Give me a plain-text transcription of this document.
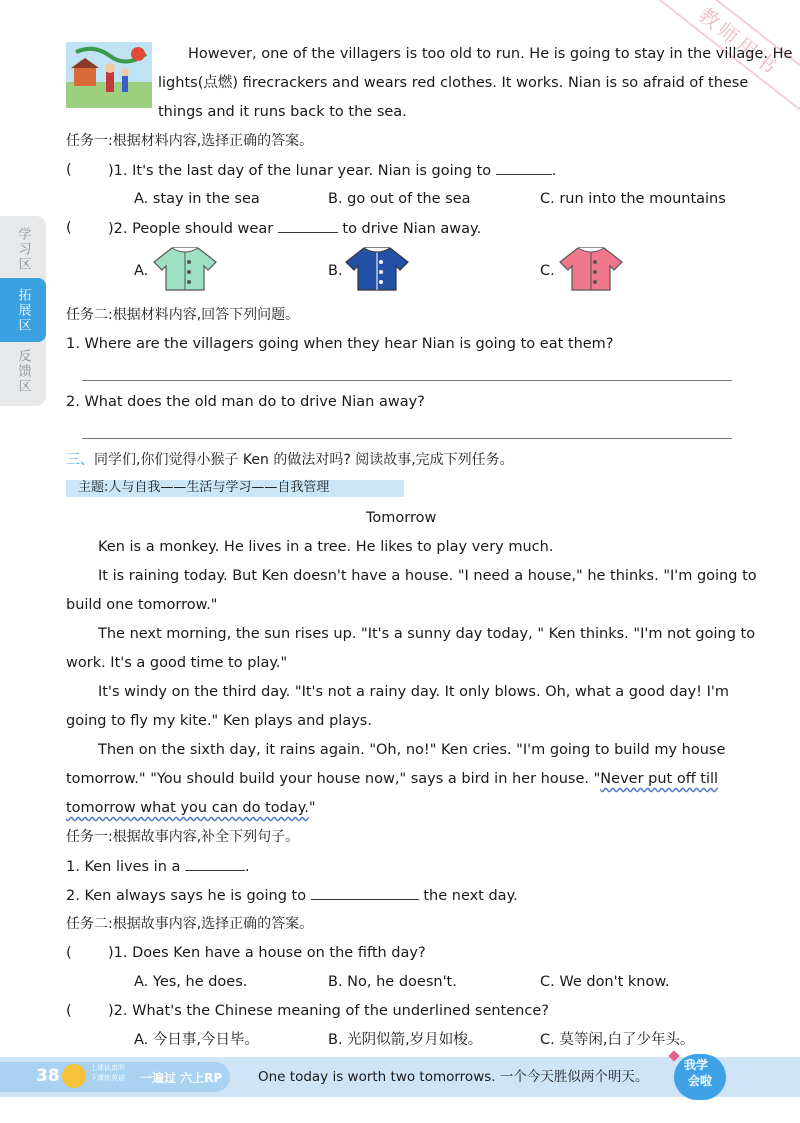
教师用书
However, one of the villagers is too old to run. He is going to stay in the village. He
lights(点燃) firecrackers and wears red clothes. It works. Nian is so afraid of these
things and it runs back to the sea.
任务一:根据材料内容,选择正确的答案。
(	)1. It's the last day of the lunar year. Nian is going to	.
A. stay in the sea	B. go out of the sea	C. run into the mountains
(	)2. People should wear	to drive Nian away.
A.	B.	C.
任务二:根据材料内容,回答下列问题。
1. Where are the villagers going when they hear Nian is going to eat them?
2. What does the old man do to drive Nian away?
三、同学们,你们觉得小猴子 Ken 的做法对吗? 阅读故事,完成下列任务。
主题:人与自我——生活与学习——自我管理
Tomorrow
Ken is a monkey. He lives in a tree. He likes to play very much.
It is raining today. But Ken doesn't have a house. "I need a house," he thinks. "I'm going to
build one tomorrow."
The next morning, the sun rises up. "It's a sunny day today, " Ken thinks. "I'm not going to
work. It's a good time to play."
It's windy on the third day. "It's not a rainy day. It only blows. Oh, what a good day! I'm
going to fly my kite." Ken plays and plays.
Then on the sixth day, it rains again. "Oh, no!" Ken cries. "I'm going to build my house
tomorrow." "You should build your house now," says a bird in her house. "Never put off till
tomorrow what you can do today."
任务一:根据故事内容,补全下列句子。
1. Ken lives in a	.
2. Ken always says he is going to	the next day.
任务二:根据故事内容,选择正确的答案。
(	)1. Does Ken have a house on the fifth day?
A. Yes, he does.	B. No, he doesn't.	C. We don't know.
(	)2. What's the Chinese meaning of the underlined sentence?
A. 今日事,今日毕。	B. 光阴似箭,岁月如梭。	C. 莫等闲,白了少年头。
学习区
拓展区
反馈区
38	上课认真听
下课练英语 一遍过 六上RP	One today is worth two tomorrows. 一个今天胜似两个明天。
我学
会啦
